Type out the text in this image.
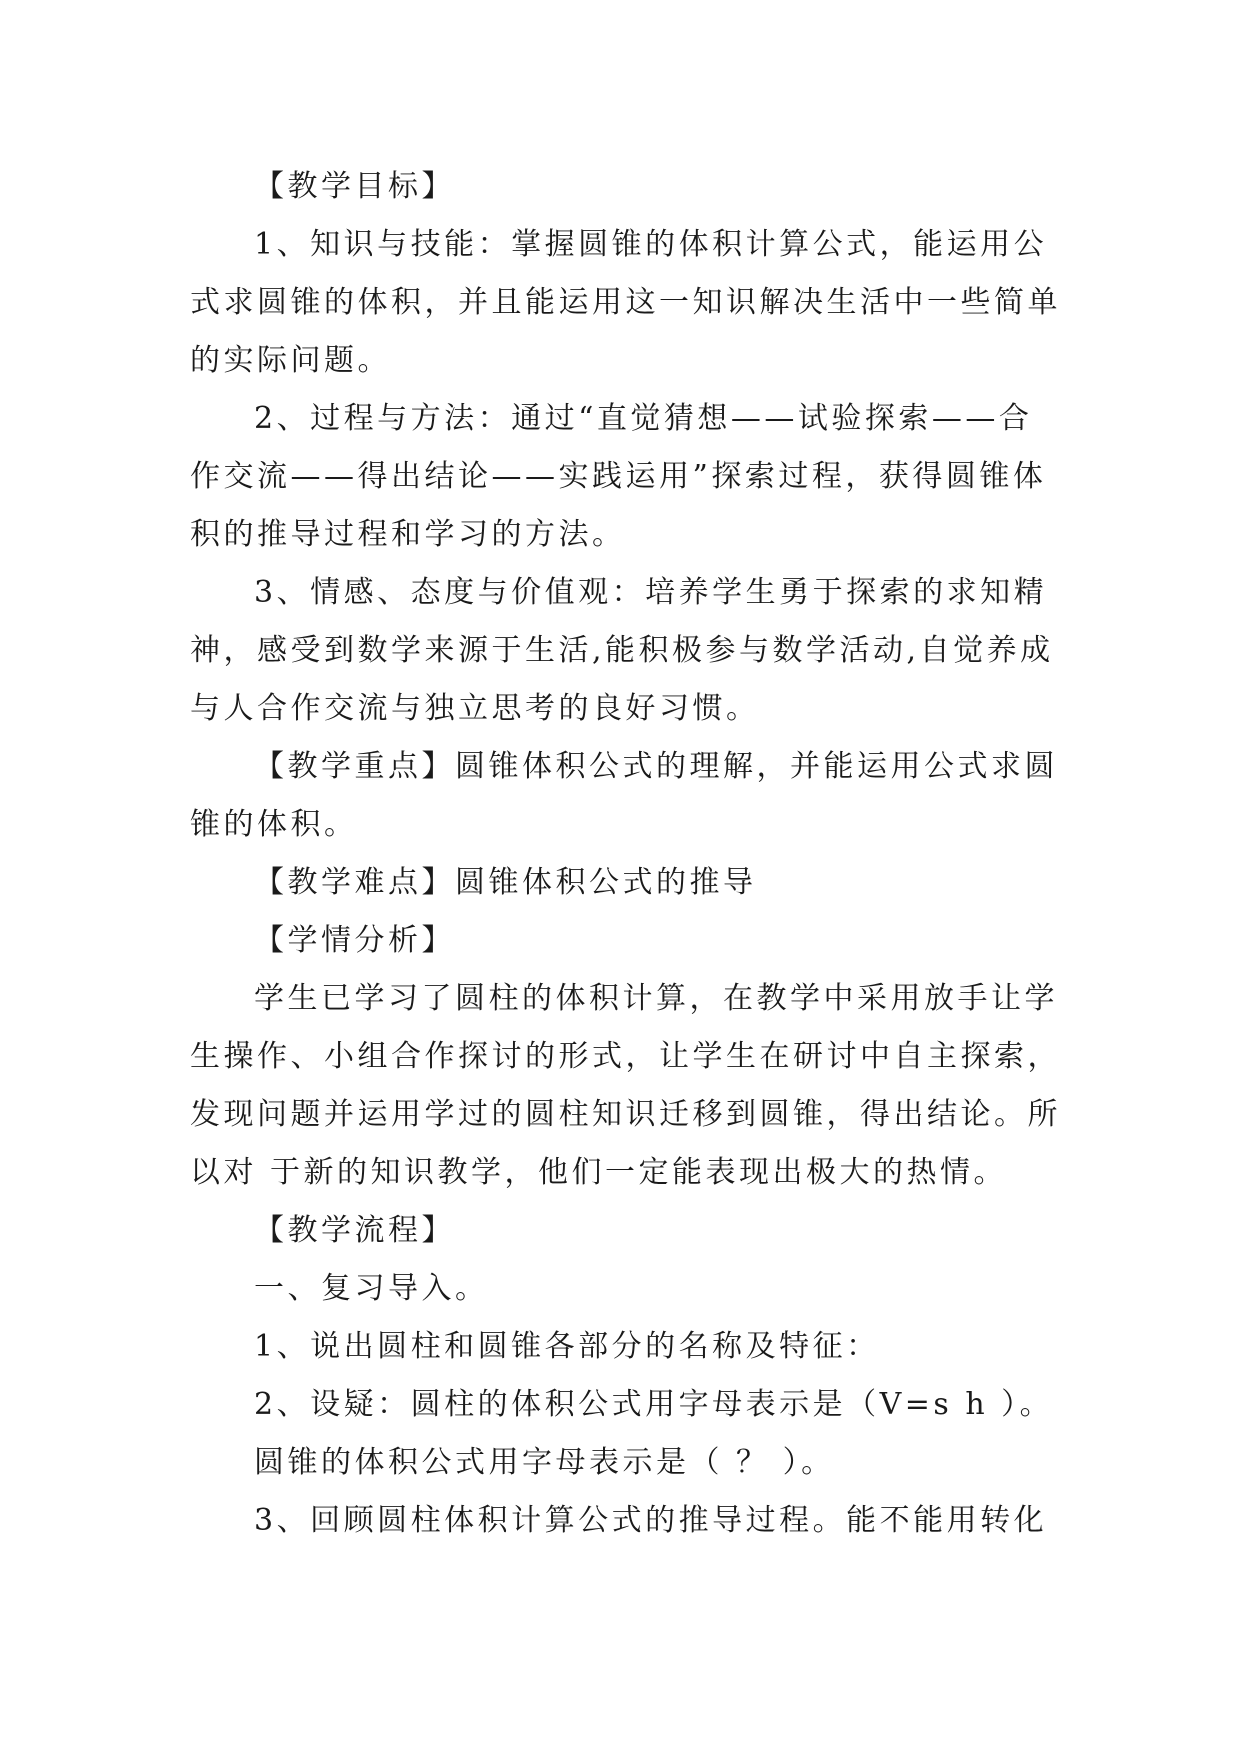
【教学目标】

1、知识与技能：掌握圆锥的体积计算公式，能运用公

式求圆锥的体积，并且能运用这一知识解决生活中一些简单

的实际问题。

2、过程与方法：通过“直觉猜想——试验探索——合

作交流——得出结论——实践运用”探索过程，获得圆锥体

积的推导过程和学习的方法。

3、情感、态度与价值观：培养学生勇于探索的求知精

神，感受到数学来源于生活,能积极参与数学活动,自觉养成

与人合作交流与独立思考的良好习惯。

【教学重点】圆锥体积公式的理解，并能运用公式求圆

锥的体积。

【教学难点】圆锥体积公式的推导

【学情分析】

学生已学习了圆柱的体积计算，在教学中采用放手让学

生操作、小组合作探讨的形式，让学生在研讨中自主探索，

发现问题并运用学过的圆柱知识迁移到圆锥，得出结论。所

以对 于新的知识教学，他们一定能表现出极大的热情。

【教学流程】

一、复习导入。

1、说出圆柱和圆锥各部分的名称及特征：

2、设疑：圆柱的体积公式用字母表示是（V=s h ）。

圆锥的体积公式用字母表示是（ ？ ）。

3、回顾圆柱体积计算公式的推导过程。能不能用转化
